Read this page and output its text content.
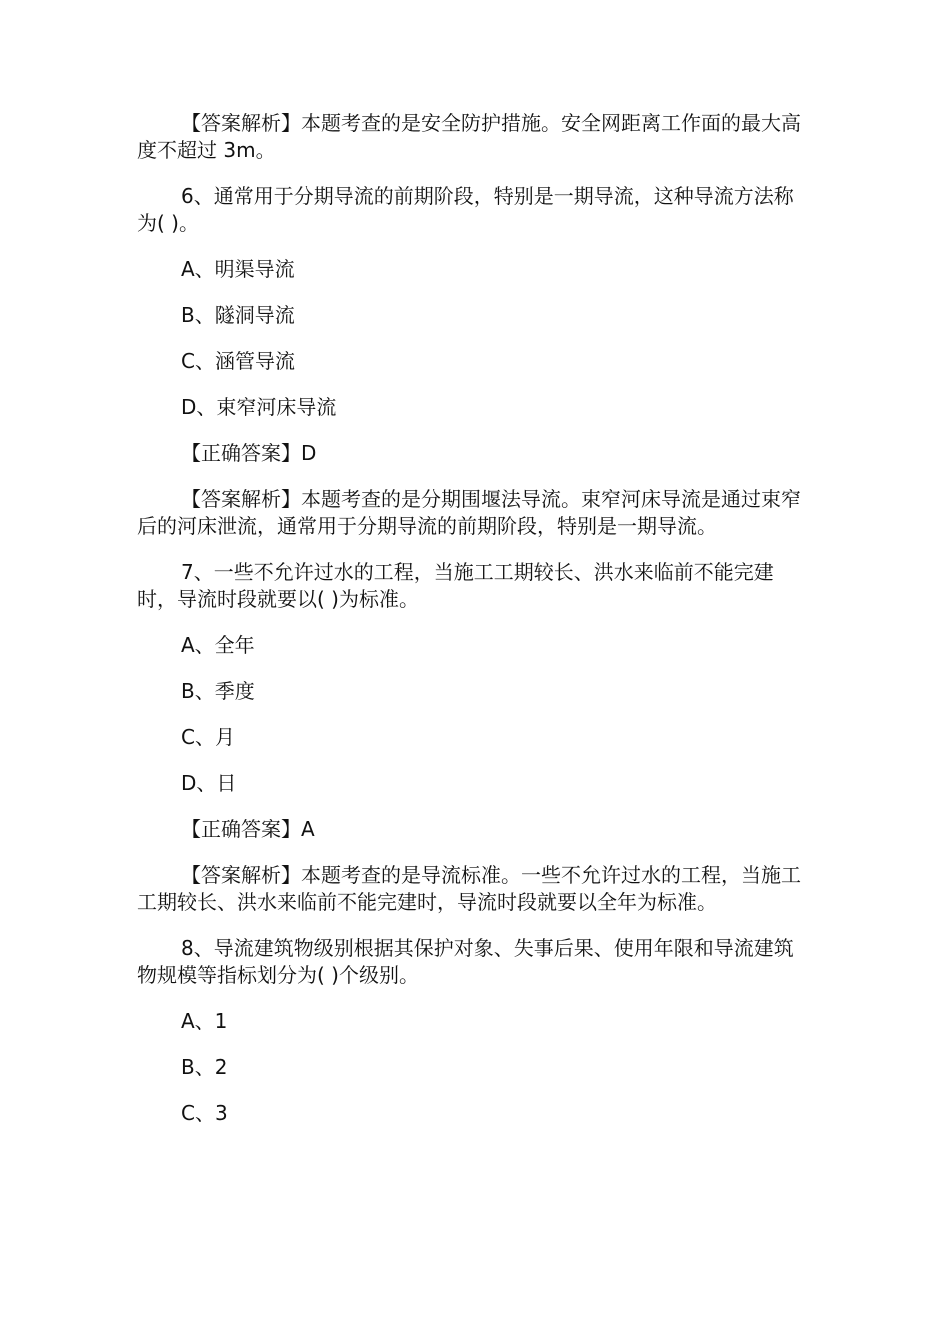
【答案解析】本题考查的是安全防护措施。安全网距离工作面的最大高度不超过 3m。

6、通常用于分期导流的前期阶段，特别是一期导流，这种导流方法称为( )。

A、明渠导流

B、隧洞导流

C、涵管导流

D、束窄河床导流

【正确答案】D

【答案解析】本题考查的是分期围堰法导流。束窄河床导流是通过束窄后的河床泄流，通常用于分期导流的前期阶段，特别是一期导流。

7、一些不允许过水的工程，当施工工期较长、洪水来临前不能完建时，导流时段就要以( )为标准。

A、全年

B、季度

C、月

D、日

【正确答案】A

【答案解析】本题考查的是导流标准。一些不允许过水的工程，当施工工期较长、洪水来临前不能完建时，导流时段就要以全年为标准。

8、导流建筑物级别根据其保护对象、失事后果、使用年限和导流建筑物规模等指标划分为( )个级别。

A、1

B、2

C、3
